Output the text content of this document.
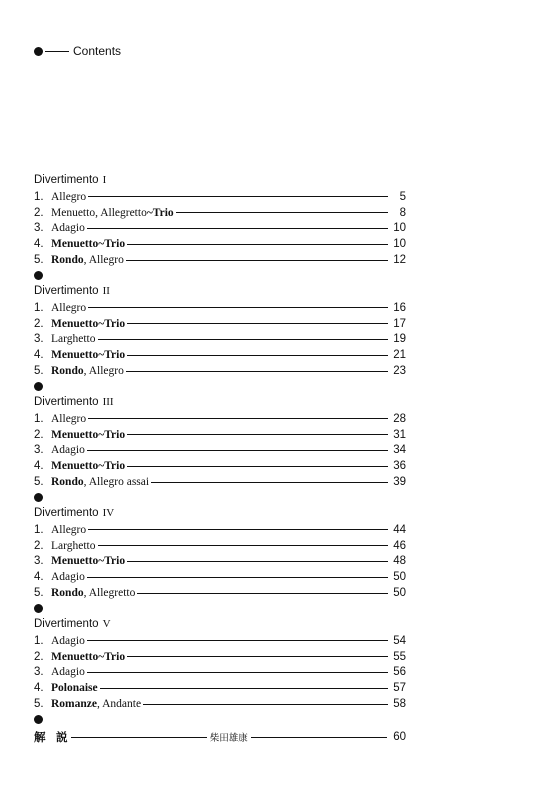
Contents
Divertimento I
1. Allegro	5
2. Menuetto, Allegretto~Trio	8
3. Adagio	10
4. Menuetto~Trio	10
5. Rondo, Allegro	12
Divertimento II
1. Allegro	16
2. Menuetto~Trio	17
3. Larghetto	19
4. Menuetto~Trio	21
5. Rondo, Allegro	23
Divertimento III
1. Allegro	28
2. Menuetto~Trio	31
3. Adagio	34
4. Menuetto~Trio	36
5. Rondo, Allegro assai	39
Divertimento IV
1. Allegro	44
2. Larghetto	46
3. Menuetto~Trio	48
4. Adagio	50
5. Rondo, Allegretto	50
Divertimento V
1. Adagio	54
2. Menuetto~Trio	55
3. Adagio	56
4. Polonaise	57
5. Romanze, Andante	58
解 説	柴田雄康	60
